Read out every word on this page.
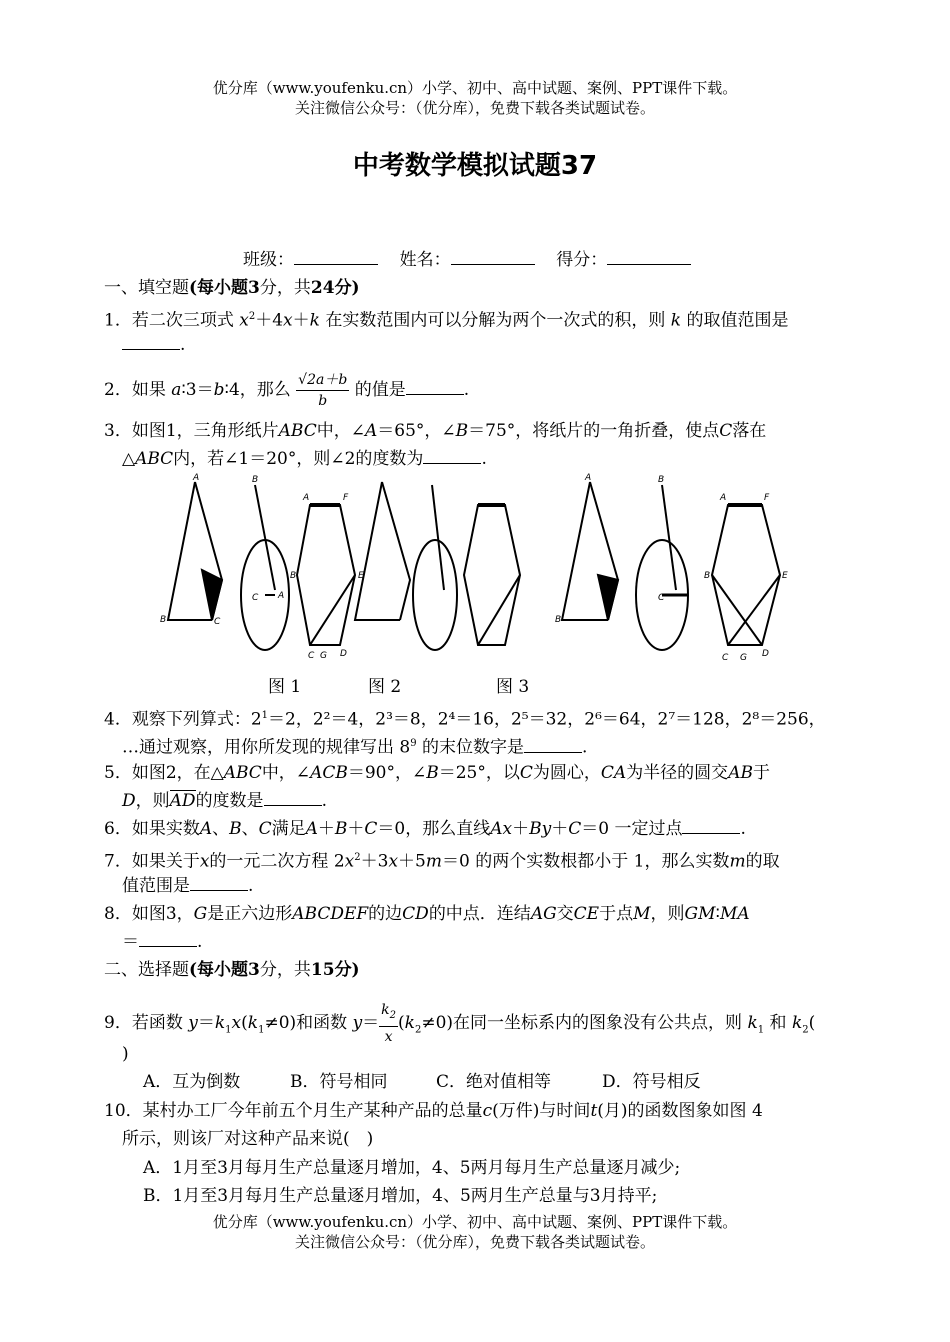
优分库（www.youfenku.cn）小学、初中、高中试题、案例、PPT课件下载。
关注微信公众号：（优分库），免费下载各类试题试卷。
中考数学模拟试题37
班级：	姓名：	得分：
一、填空题(每小题3分，共24分)
1．若二次三项式 $x^2+4x+k$ 在实数范围内可以分解为两个一次式的积，则 k 的取值范围是
.
2．如果 a∶3＝b∶4，那么 $\frac{√2a+b}{b}$ 的值是	.
3．如图1，三角形纸片ABC中，∠A＝65°，∠B＝75°，将纸片的一角折叠，使点C落在
△ABC内，若∠1＝20°，则∠2的度数为	.
A
B	C
B
C A
A	F
B	E
C G D
A
B
B
C
A	F
B	E
C G D
图 1	图 2	图 3
4．观察下列算式：$2^1=2$，2²＝4，2³＝8，2⁴＝16，2⁵＝32，2⁶＝64，2⁷＝128，2⁸＝256，
…通过观察，用你所发现的规律写出 $8^9$ 的末位数字是	.
5．如图2，在△ABC中，∠ACB＝90°，∠B＝25°，以C为圆心，CA为半径的圆交AB于
D，则AD的度数是	.
6．如果实数A、B、C满足A＋B＋C＝0，那么直线Ax＋By＋C＝0 一定过点	.
7．如果关于x的一元二次方程 $2x^2+3x+5m=0$ 的两个实数根都小于 1，那么实数m的取
值范围是	.
8．如图3，G是正六边形ABCDEF的边CD的中点．连结AG交CE于点M，则GM∶MA
＝	.
二、选择题(每小题3分，共15分)
9．若函数 $y=k_1x(k_1\ne 0)$和函数 $y= \frac{k_2}{x} (k_2\ne 0)$在同一坐标系内的图象没有公共点，则 $k_1$ 和 $k_2$(
)
A．互为倒数	B．符号相同	C．绝对值相等	D．符号相反
10．某村办工厂今年前五个月生产某种产品的总量c(万件)与时间t(月)的函数图象如图 4
所示，则该厂对这种产品来说(　)
A．1月至3月每月生产总量逐月增加，4、5两月每月生产总量逐月减少;
B．1月至3月每月生产总量逐月增加，4、5两月生产总量与3月持平;
优分库（www.youfenku.cn）小学、初中、高中试题、案例、PPT课件下载。
关注微信公众号：（优分库），免费下载各类试题试卷。
